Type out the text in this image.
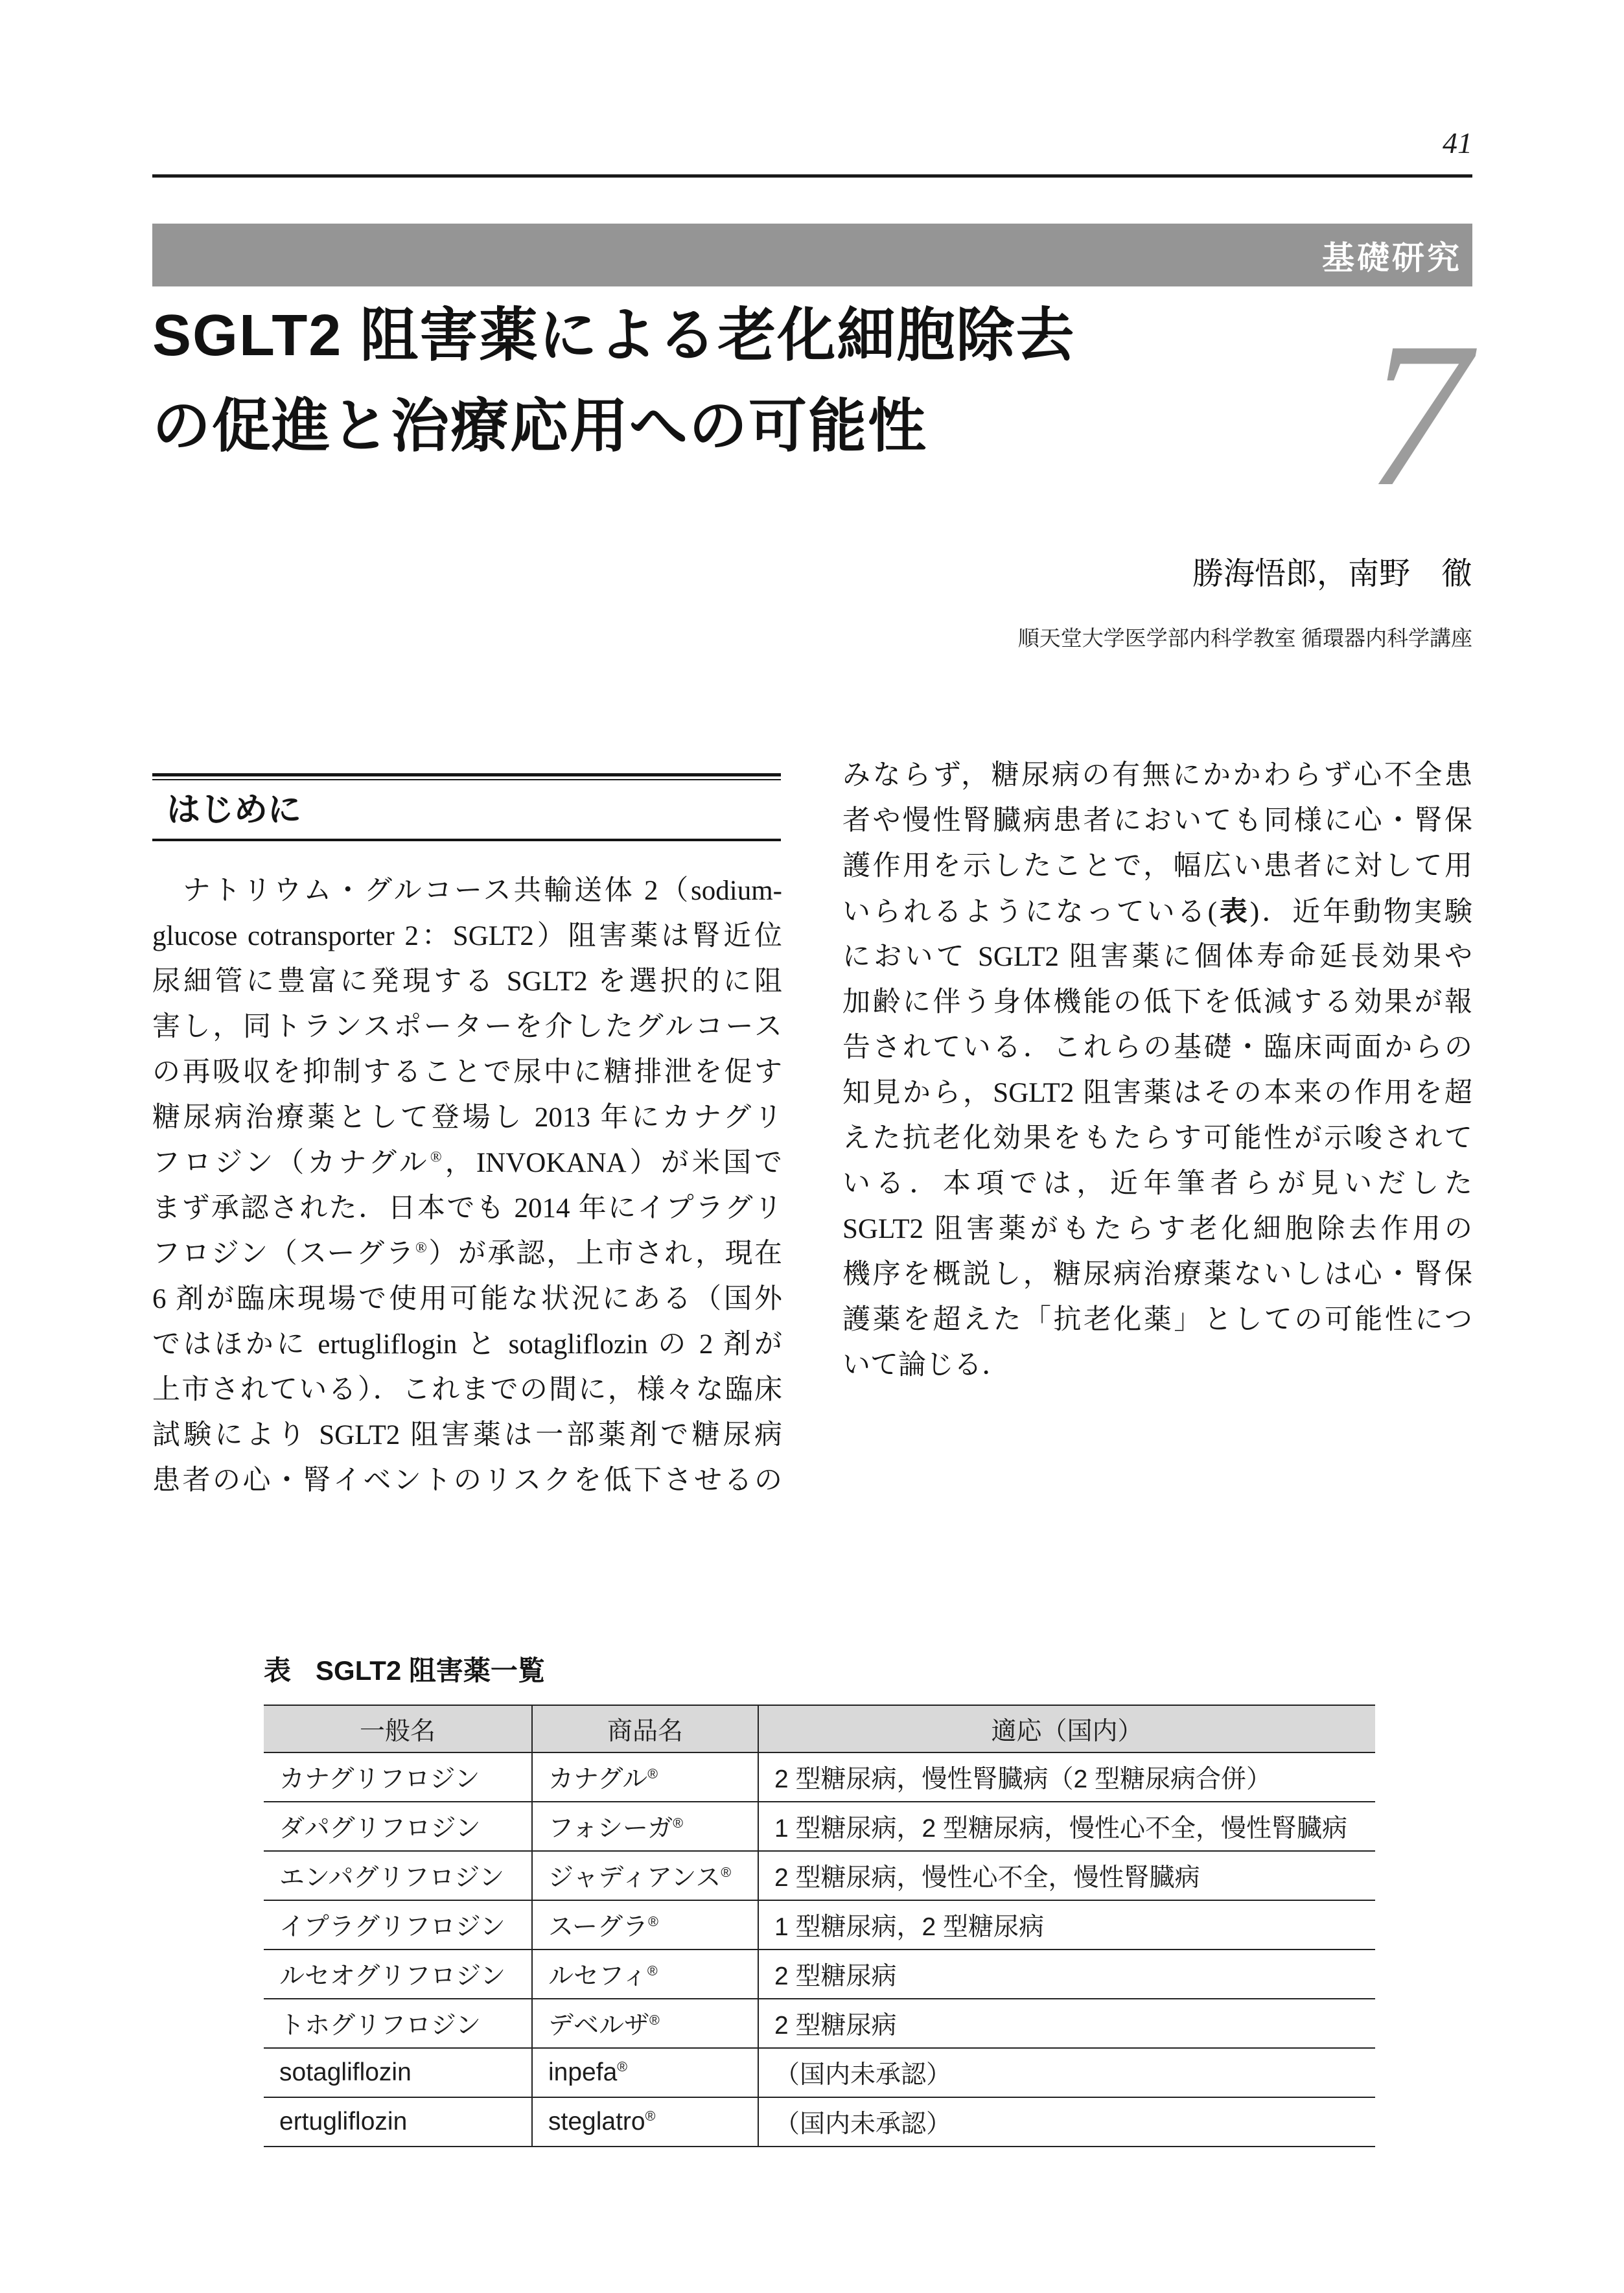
41
基礎研究
SGLT2 阻害薬による老化細胞除去
の促進と治療応用への可能性	7
勝海悟郎，南野　徹
順天堂大学医学部内科学教室 循環器内科学講座
はじめに
　ナトリウム・グルコース共輸送体 2（sodium-
glucose cotransporter 2：SGLT2）阻害薬は腎近位
尿細管に豊富に発現する SGLT2 を選択的に阻
害し，同トランスポーターを介したグルコース
の再吸収を抑制することで尿中に糖排泄を促す
糖尿病治療薬として登場し 2013 年にカナグリ
フロジン（カナグル®，INVOKANA）が米国で
まず承認された．日本でも 2014 年にイプラグリ
フロジン（スーグラ®）が承認，上市され，現在
6 剤が臨床現場で使用可能な状況にある（国外
ではほかに ertugliflogin と sotagliflozin の 2 剤が
上市されている）．これまでの間に，様々な臨床
試験により SGLT2 阻害薬は一部薬剤で糖尿病
患者の心・腎イベントのリスクを低下させるの
みならず，糖尿病の有無にかかわらず心不全患
者や慢性腎臓病患者においても同様に心・腎保
護作用を示したことで，幅広い患者に対して用
いられるようになっている(表)．近年動物実験
において SGLT2 阻害薬に個体寿命延長効果や
加齢に伴う身体機能の低下を低減する効果が報
告されている．これらの基礎・臨床両面からの
知見から，SGLT2 阻害薬はその本来の作用を超
えた抗老化効果をもたらす可能性が示唆されて
いる．本項では，近年筆者らが見いだした
SGLT2 阻害薬がもたらす老化細胞除去作用の
機序を概説し，糖尿病治療薬ないしは心・腎保
護薬を超えた「抗老化薬」としての可能性につ
いて論じる．
表 SGLT2 阻害薬一覧
一般名	商品名	適応（国内）
カナグリフロジン	カナグル®	2 型糖尿病，慢性腎臓病（2 型糖尿病合併）
ダパグリフロジン	フォシーガ®	1 型糖尿病，2 型糖尿病，慢性心不全，慢性腎臓病
エンパグリフロジン	ジャディアンス®	2 型糖尿病，慢性心不全，慢性腎臓病
イプラグリフロジン	スーグラ®	1 型糖尿病，2 型糖尿病
ルセオグリフロジン	ルセフィ®	2 型糖尿病
トホグリフロジン	デベルザ®	2 型糖尿病
sotagliflozin	inpefa®	（国内未承認）
ertugliflozin	steglatro®	（国内未承認）
